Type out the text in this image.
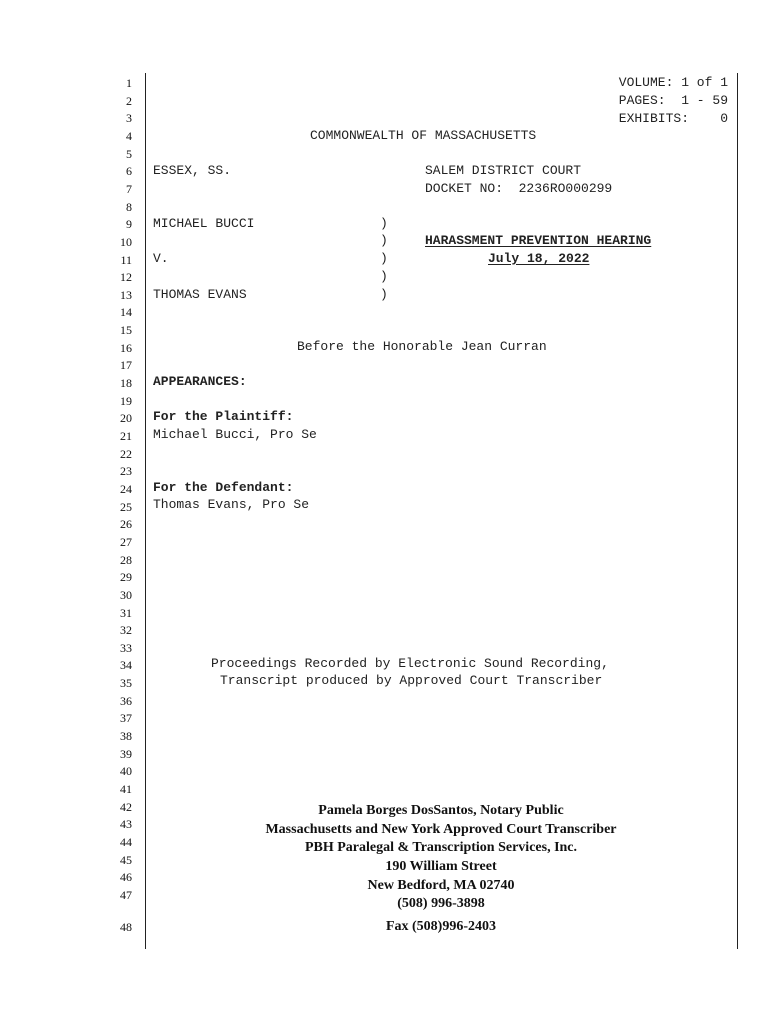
1
2
3
4
5
6
7
8
9
10
11
12
13
14
15
16
17
18
19
20
21
22
23
24
25
26
27
28
29
30
31
32
33
34
35
36
37
38
39
40
41
42
43
44
45
46
47
48
VOLUME: 1 of 1
PAGES:  1 - 59
EXHIBITS:    0
COMMONWEALTH OF MASSACHUSETTS
ESSEX, SS.	SALEM DISTRICT COURT
DOCKET NO:  2236RO000299
MICHAEL BUCCI
V.
THOMAS EVANS
)
)
)
)
)
HARASSMENT PREVENTION HEARING
July 18, 2022
Before the Honorable Jean Curran
APPEARANCES:
For the Plaintiff:
Michael Bucci, Pro Se
For the Defendant:
Thomas Evans, Pro Se
Proceedings Recorded by Electronic Sound Recording,
Transcript produced by Approved Court Transcriber
Pamela Borges DosSantos, Notary Public
Massachusetts and New York Approved Court Transcriber
PBH Paralegal & Transcription Services, Inc.
190 William Street
New Bedford, MA 02740
(508) 996-3898
Fax (508)996-2403
